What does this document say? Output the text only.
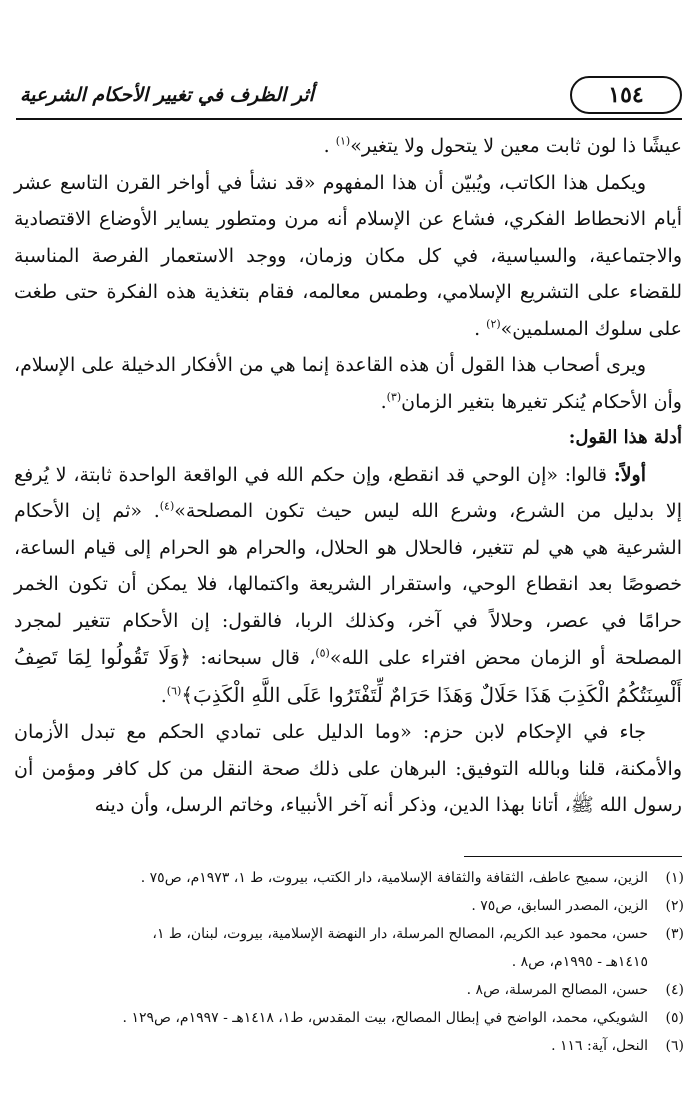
١٥٤
أثر الظرف في تغيير الأحكام الشرعية

عيشًا ذا لون ثابت معين لا يتحول ولا يتغير»$^{(١)}$ .

ويكمل هذا الكاتب، ويُبيّن أن هذا المفهوم «قد نشأ في أواخر القرن التاسع عشر أيام الانحطاط الفكري، فشاع عن الإسلام أنه مرن ومتطور يساير الأوضاع الاقتصادية والاجتماعية، والسياسية، في كل مكان وزمان، ووجد الاستعمار الفرصة المناسبة للقضاء على التشريع الإسلامي، وطمس معالمه، فقام بتغذية هذه الفكرة حتى طغت على سلوك المسلمين»$^{(٢)}$ .

ويرى أصحاب هذا القول أن هذه القاعدة إنما هي من الأفكار الدخيلة على الإسلام، وأن الأحكام يُنكر تغيرها بتغير الزمان$^{(٣)}$.

أدلة هذا القول:

أولاً: قالوا: «إن الوحي قد انقطع، وإن حكم الله في الواقعة الواحدة ثابتة، لا يُرفع إلا بدليل من الشرع، وشرع الله ليس حيث تكون المصلحة»$^{(٤)}$. «ثم إن الأحكام الشرعية هي هي لم تتغير، فالحلال هو الحلال، والحرام هو الحرام إلى قيام الساعة، خصوصًا بعد انقطاع الوحي، واستقرار الشريعة واكتمالها، فلا يمكن أن تكون الخمر حرامًا في عصر، وحلالاً في آخر، وكذلك الربا، فالقول: إن الأحكام تتغير لمجرد المصلحة أو الزمان محض افتراء على الله»$^{(٥)}$، قال سبحانه: ﴿وَلَا تَقُولُوا لِمَا تَصِفُ أَلْسِنَتُكُمُ الْكَذِبَ هَذَا حَلَالٌ وَهَذَا حَرَامٌ لِّتَفْتَرُوا عَلَى اللَّهِ الْكَذِبَ﴾$^{(٦)}$.

جاء في الإحكام لابن حزم: «وما الدليل على تمادي الحكم مع تبدل الأزمان والأمكنة، قلنا وبالله التوفيق: البرهان على ذلك صحة النقل من كل كافر ومؤمن أن رسول الله ﷺ، أتانا بهذا الدين، وذكر أنه آخر الأنبياء، وخاتم الرسل، وأن دينه

(١)
الزين، سميح عاطف، الثقافة والثقافة الإسلامية، دار الكتب، بيروت، ط ١، ١٩٧٣م، ص٧٥ .
(٢)
الزين، المصدر السابق، ص٧٥ .
(٣)
حسن، محمود عبد الكريم، المصالح المرسلة، دار النهضة الإسلامية، بيروت، لبنان، ط ١،
١٤١٥هـ - ١٩٩٥م، ص٨ .
(٤)
حسن، المصالح المرسلة، ص٨ .
(٥)
الشويكي، محمد، الواضح في إبطال المصالح، بيت المقدس، ط١، ١٤١٨هـ - ١٩٩٧م، ص١٢٩ .
(٦)
النحل، آية: ١١٦ .
